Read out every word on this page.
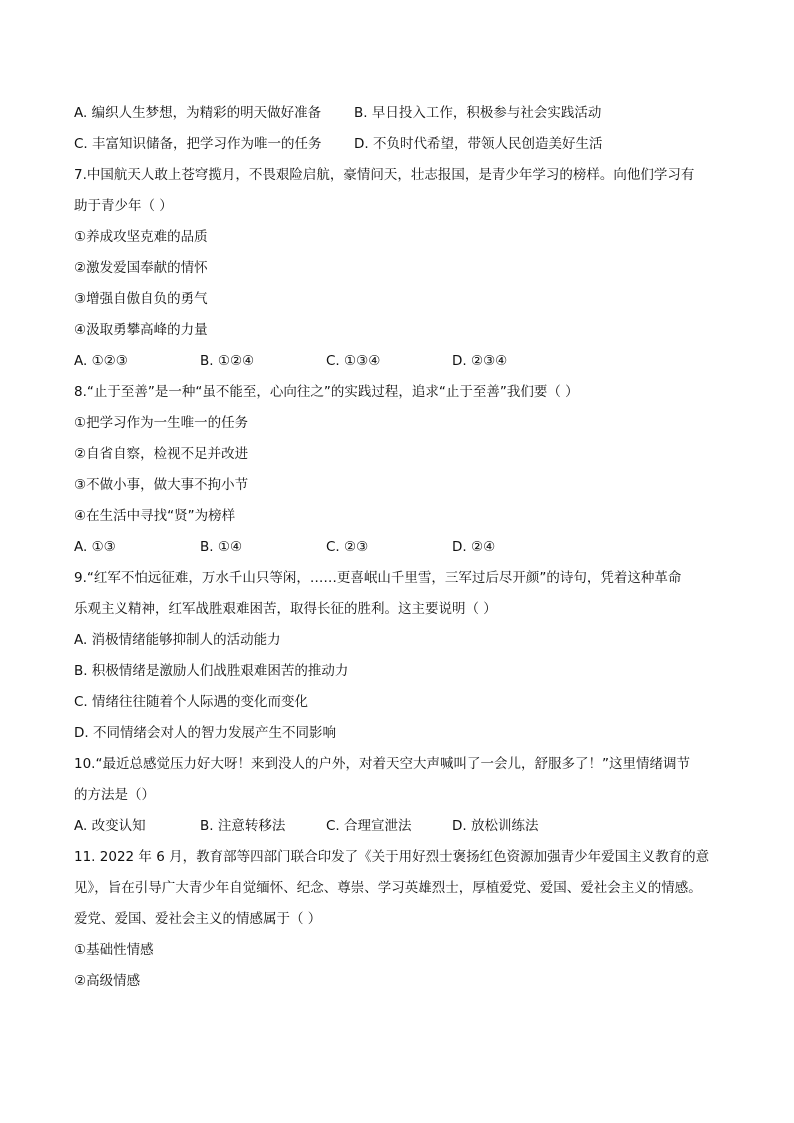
A. 编织人生梦想，为精彩的明天做好准备	B. 早日投入工作，积极参与社会实践活动
C. 丰富知识储备，把学习作为唯一的任务	D. 不负时代希望，带领人民创造美好生活
7.中国航天人敢上苍穹揽月，不畏艰险启航，豪情问天，壮志报国，是青少年学习的榜样。向他们学习有
助于青少年（ ）
①养成攻坚克难的品质
②激发爱国奉献的情怀
③增强自傲自负的勇气
④汲取勇攀高峰的力量
A. ①②③	B. ①②④	C. ①③④	D. ②③④
8.“止于至善”是一种“虽不能至，心向往之”的实践过程，追求“止于至善”我们要（ ）
①把学习作为一生唯一的任务
②自省自察，检视不足并改进
③不做小事，做大事不拘小节
④在生活中寻找“贤”为榜样
A. ①③	B. ①④	C. ②③	D. ②④
9.“红军不怕远征难，万水千山只等闲，……更喜岷山千里雪，三军过后尽开颜”的诗句，凭着这种革命
乐观主义精神，红军战胜艰难困苦，取得长征的胜利。这主要说明（ ）
A. 消极情绪能够抑制人的活动能力
B. 积极情绪是激励人们战胜艰难困苦的推动力
C. 情绪往往随着个人际遇的变化而变化
D. 不同情绪会对人的智力发展产生不同影响
10.“最近总感觉压力好大呀！来到没人的户外，对着天空大声喊叫了一会儿，舒服多了！”这里情绪调节
的方法是（）
A. 改变认知	B. 注意转移法	C. 合理宣泄法	D. 放松训练法
11. 2022 年 6 月，教育部等四部门联合印发了《关于用好烈士褒扬红色资源加强青少年爱国主义教育的意
见》，旨在引导广大青少年自觉缅怀、纪念、尊崇、学习英雄烈士，厚植爱党、爱国、爱社会主义的情感。
爱党、爱国、爱社会主义的情感属于（ ）
①基础性情感
②高级情感
